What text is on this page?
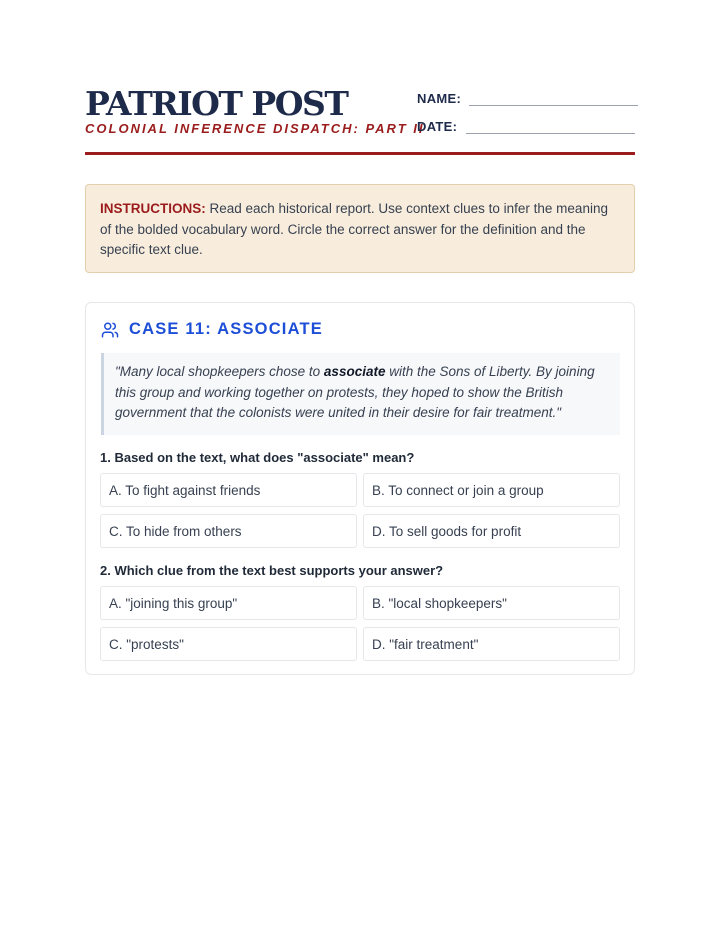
PATRIOT POST
COLONIAL INFERENCE DISPATCH: PART II
NAME:
DATE:
INSTRUCTIONS: Read each historical report. Use context clues to infer the meaning of the bolded vocabulary word. Circle the correct answer for the definition and the specific text clue.
CASE 11: ASSOCIATE
"Many local shopkeepers chose to associate with the Sons of Liberty. By joining this group and working together on protests, they hoped to show the British government that the colonists were united in their desire for fair treatment."
1. Based on the text, what does "associate" mean?
A. To fight against friends	B. To connect or join a group
C. To hide from others	D. To sell goods for profit
2. Which clue from the text best supports your answer?
A. "joining this group"	B. "local shopkeepers"
C. "protests"	D. "fair treatment"
